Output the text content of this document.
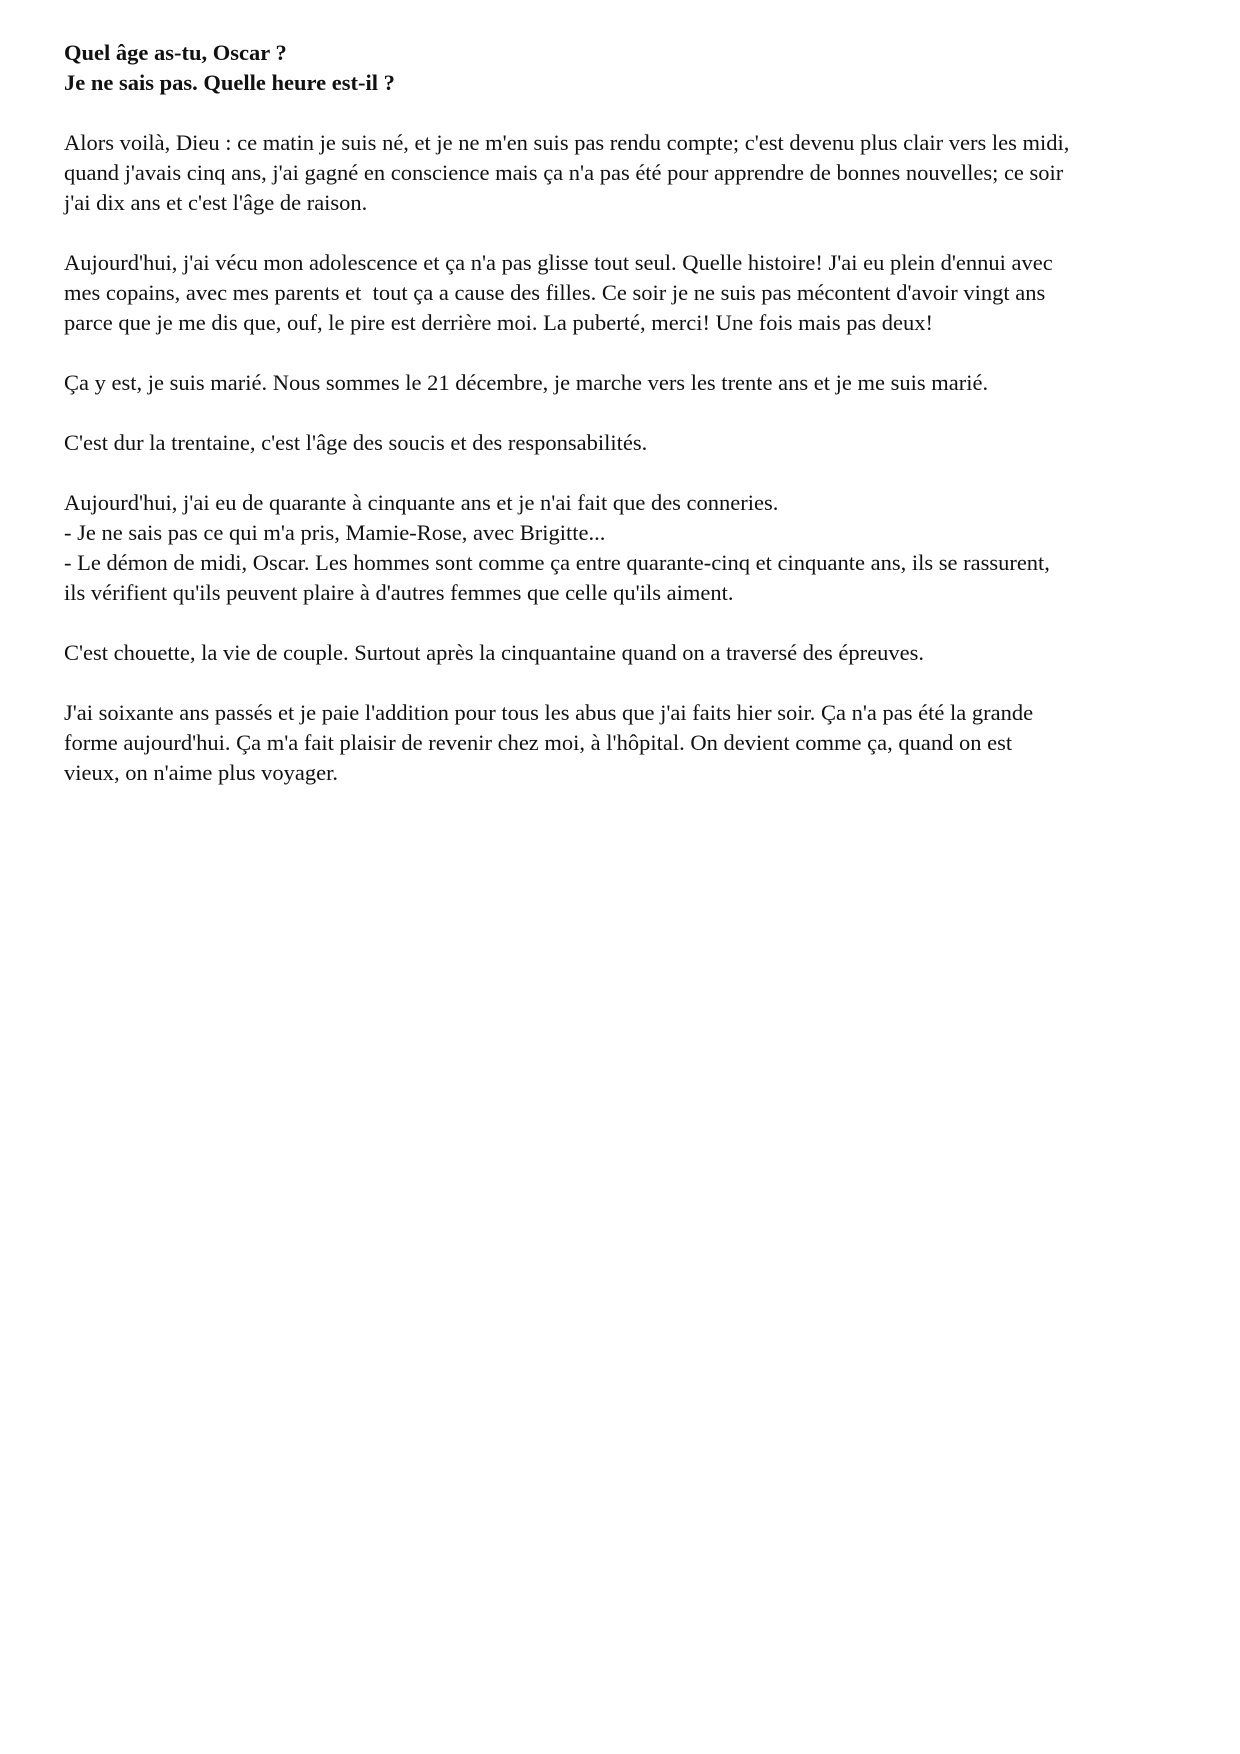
Quel âge as-tu, Oscar ?

Je ne sais pas. Quelle heure est-il ?

Alors voilà, Dieu : ce matin je suis né, et je ne m'en suis pas rendu compte; c'est devenu plus clair vers les midi,
quand j'avais cinq ans, j'ai gagné en conscience mais ça n'a pas été pour apprendre de bonnes nouvelles; ce soir
j'ai dix ans et c'est l'âge de raison.

Aujourd'hui, j'ai vécu mon adolescence et ça n'a pas glisse tout seul. Quelle histoire! J'ai eu plein d'ennui avec
mes copains, avec mes parents et  tout ça a cause des filles. Ce soir je ne suis pas mécontent d'avoir vingt ans
parce que je me dis que, ouf, le pire est derrière moi. La puberté, merci! Une fois mais pas deux!

Ça y est, je suis marié. Nous sommes le 21 décembre, je marche vers les trente ans et je me suis marié.

C'est dur la trentaine, c'est l'âge des soucis et des responsabilités.

Aujourd'hui, j'ai eu de quarante à cinquante ans et je n'ai fait que des conneries.
- Je ne sais pas ce qui m'a pris, Mamie-Rose, avec Brigitte...
- Le démon de midi, Oscar. Les hommes sont comme ça entre quarante-cinq et cinquante ans, ils se rassurent,
ils vérifient qu'ils peuvent plaire à d'autres femmes que celle qu'ils aiment.

C'est chouette, la vie de couple. Surtout après la cinquantaine quand on a traversé des épreuves.

J'ai soixante ans passés et je paie l'addition pour tous les abus que j'ai faits hier soir. Ça n'a pas été la grande
forme aujourd'hui. Ça m'a fait plaisir de revenir chez moi, à l'hôpital. On devient comme ça, quand on est
vieux, on n'aime plus voyager.
